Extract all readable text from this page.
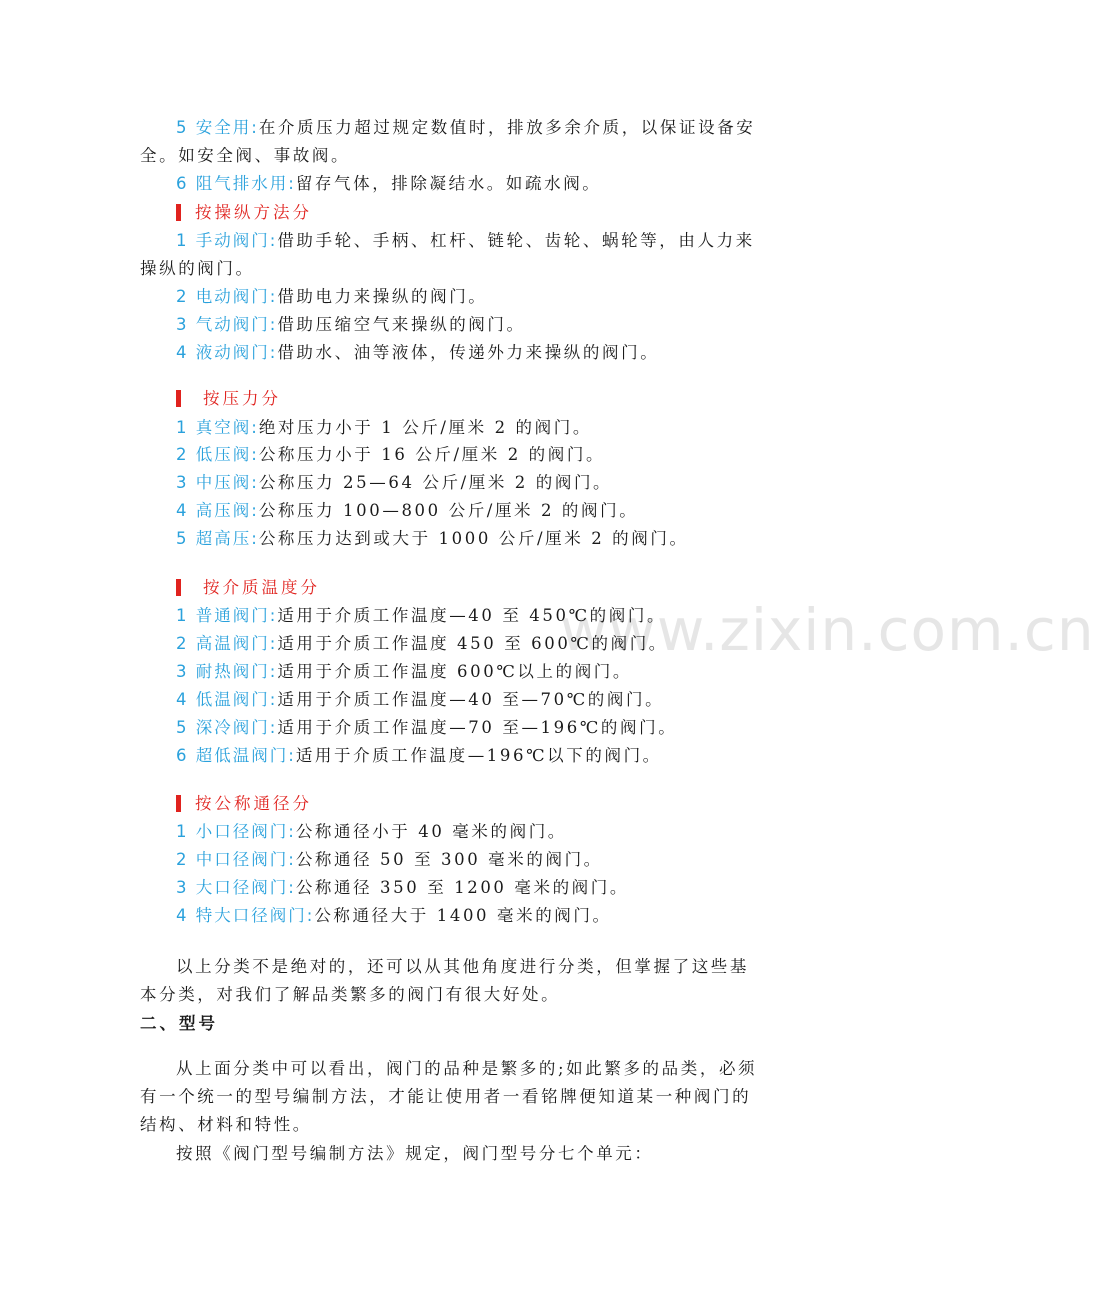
www.zixin.com.cn
5 安全用:在介质压力超过规定数值时，排放多余介质，以保证设备安
全。如安全阀、事故阀。
6 阻气排水用:留存气体，排除凝结水。如疏水阀。
按操纵方法分
1 手动阀门:借助手轮、手柄、杠杆、链轮、齿轮、蜗轮等，由人力来
操纵的阀门。
2 电动阀门:借助电力来操纵的阀门。
3 气动阀门:借助压缩空气来操纵的阀门。
4 液动阀门:借助水、油等液体，传递外力来操纵的阀门。
按压力分
1 真空阀:绝对压力小于 1 公斤/厘米 2 的阀门。
2 低压阀:公称压力小于 16 公斤/厘米 2 的阀门。
3 中压阀:公称压力 25—64 公斤/厘米 2 的阀门。
4 高压阀:公称压力 100—800 公斤/厘米 2 的阀门。
5 超高压:公称压力达到或大于 1000 公斤/厘米 2 的阀门。
按介质温度分
1 普通阀门:适用于介质工作温度—40 至 450℃的阀门。
2 高温阀门:适用于介质工作温度 450 至 600℃的阀门。
3 耐热阀门:适用于介质工作温度 600℃以上的阀门。
4 低温阀门:适用于介质工作温度—40 至—70℃的阀门。
5 深冷阀门:适用于介质工作温度—70 至—196℃的阀门。
6 超低温阀门:适用于介质工作温度—196℃以下的阀门。
按公称通径分
1 小口径阀门:公称通径小于 40 毫米的阀门。
2 中口径阀门:公称通径 50 至 300 毫米的阀门。
3 大口径阀门:公称通径 350 至 1200 毫米的阀门。
4 特大口径阀门:公称通径大于 1400 毫米的阀门。
以上分类不是绝对的，还可以从其他角度进行分类，但掌握了这些基
本分类，对我们了解品类繁多的阀门有很大好处。
二、型号
从上面分类中可以看出，阀门的品种是繁多的;如此繁多的品类，必须
有一个统一的型号编制方法，才能让使用者一看铭牌便知道某一种阀门的
结构、材料和特性。
按照《阀门型号编制方法》规定，阀门型号分七个单元：
